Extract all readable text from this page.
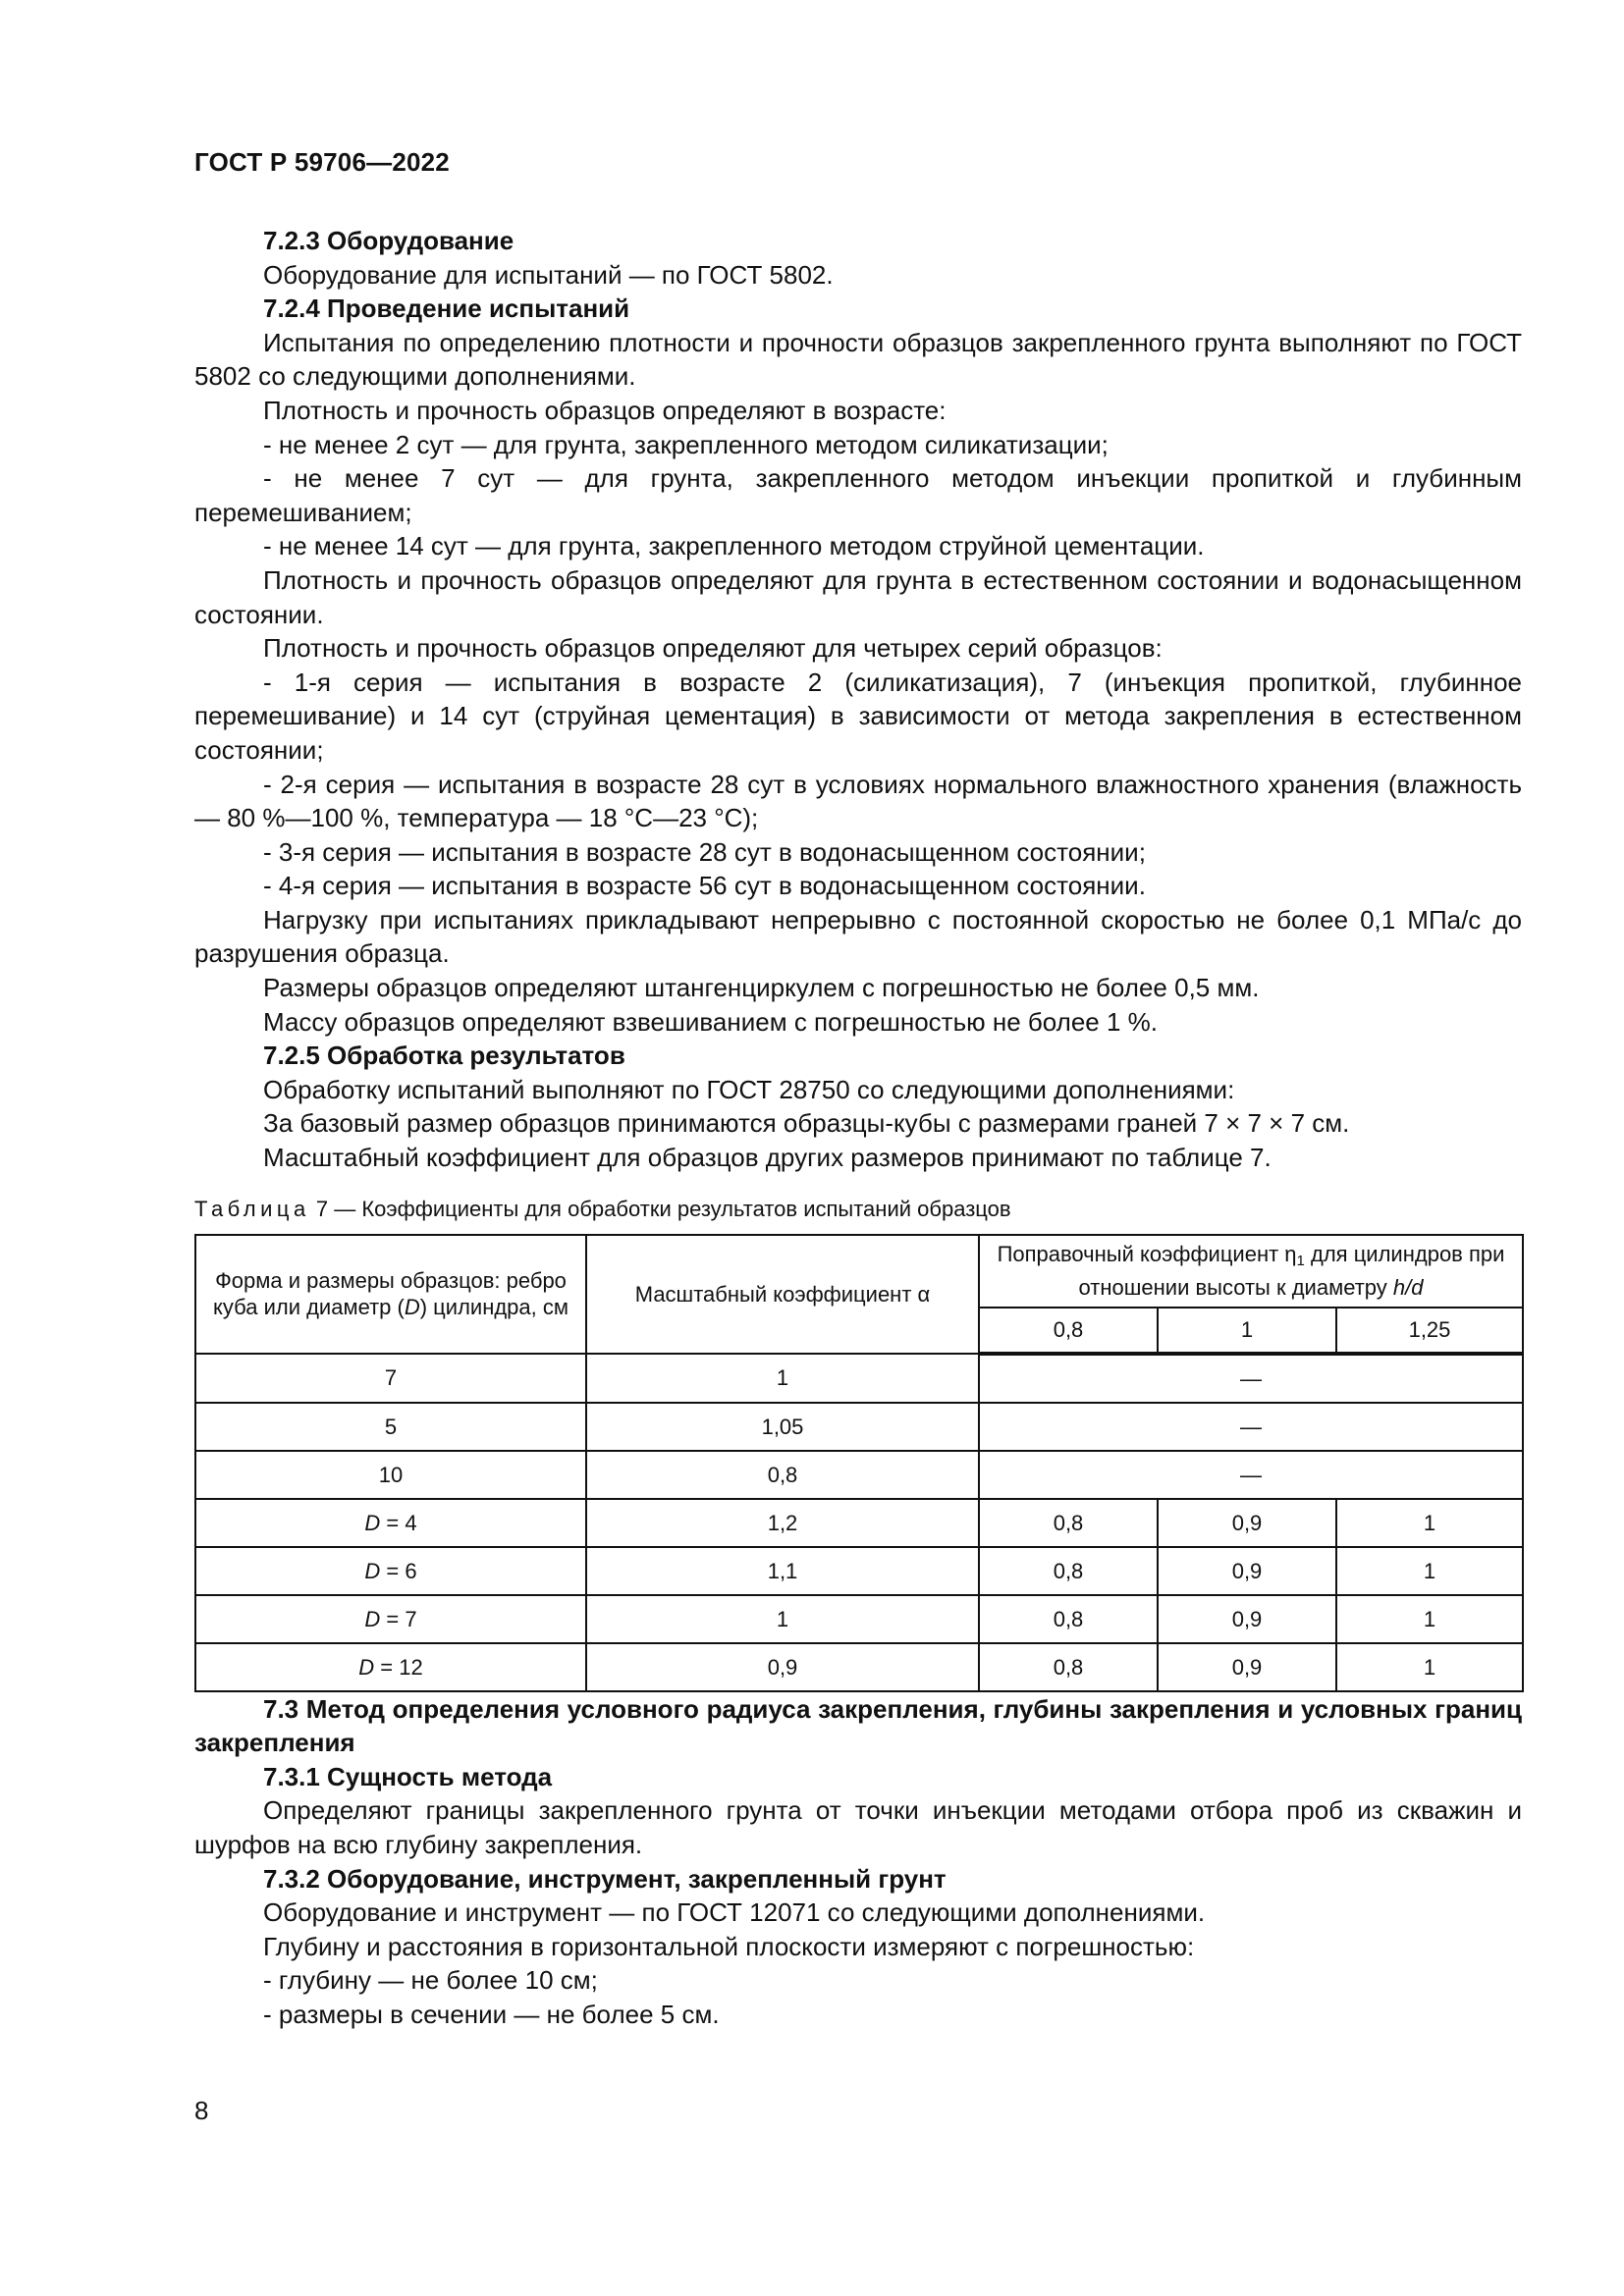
ГОСТ Р 59706—2022

7.2.3 Оборудование

Оборудование для испытаний — по ГОСТ 5802.

7.2.4 Проведение испытаний

Испытания по определению плотности и прочности образцов закрепленного грунта выполняют по ГОСТ 5802 со следующими дополнениями.

Плотность и прочность образцов определяют в возрасте:

- не менее 2 сут — для грунта, закрепленного методом силикатизации;

- не менее 7 сут — для грунта, закрепленного методом инъекции пропиткой и глубинным перемешиванием;

- не менее 14 сут — для грунта, закрепленного методом струйной цементации.

Плотность и прочность образцов определяют для грунта в естественном состоянии и водонасыщенном состоянии.

Плотность и прочность образцов определяют для четырех серий образцов:

- 1-я серия — испытания в возрасте 2 (силикатизация), 7 (инъекция пропиткой, глубинное перемешивание) и 14 сут (струйная цементация) в зависимости от метода закрепления в естественном состоянии;

- 2-я серия — испытания в возрасте 28 сут в условиях нормального влажностного хранения (влажность — 80 %—100 %, температура — 18 °С—23 °С);

- 3-я серия — испытания в возрасте 28 сут в водонасыщенном состоянии;

- 4-я серия — испытания в возрасте 56 сут в водонасыщенном состоянии.

Нагрузку при испытаниях прикладывают непрерывно с постоянной скоростью не более 0,1 МПа/с до разрушения образца.

Размеры образцов определяют штангенциркулем с погрешностью не более 0,5 мм.

Массу образцов определяют взвешиванием с погрешностью не более 1 %.

7.2.5 Обработка результатов

Обработку испытаний выполняют по ГОСТ 28750 со следующими дополнениями:

За базовый размер образцов принимаются образцы-кубы с размерами граней 7 × 7 × 7 см.

Масштабный коэффициент для образцов других размеров принимают по таблице 7.

Таблица 7 — Коэффициенты для обработки результатов испытаний образцов
Форма и размеры образцов: ребро куба или диаметр (D) цилиндра, см	Масштабный коэффициент α	Поправочный коэффициент $\eta_1$ для цилиндров при отношении высоты к диаметру h/d		
		0,8	1	1,25
7	1	—		
5	1,05	—		
10	0,8	—		
D = 4	1,2	0,8	0,9	1
D = 6	1,1	0,8	0,9	1
D = 7	1	0,8	0,9	1
D = 12	0,9	0,8	0,9	1

7.3 Метод определения условного радиуса закрепления, глубины закрепления и условных границ закрепления

7.3.1 Сущность метода

Определяют границы закрепленного грунта от точки инъекции методами отбора проб из скважин и шурфов на всю глубину закрепления.

7.3.2 Оборудование, инструмент, закрепленный грунт

Оборудование и инструмент — по ГОСТ 12071 со следующими дополнениями.

Глубину и расстояния в горизонтальной плоскости измеряют с погрешностью:

- глубину — не более 10 см;

- размеры в сечении — не более 5 см.

8
